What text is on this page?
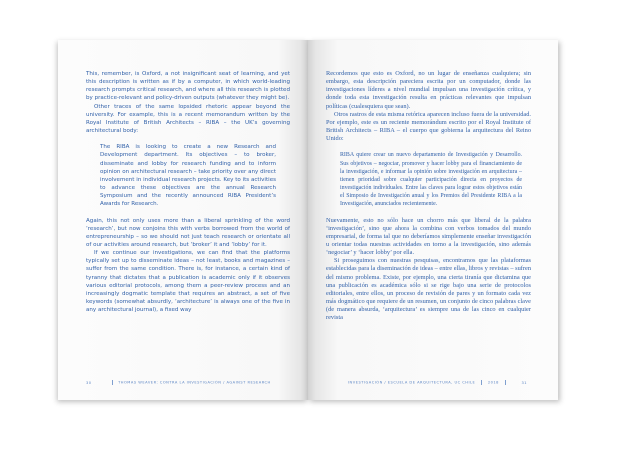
This, remember, is Oxford, a not insignificant seat of learning, and yet this description is written as if by a computer, in which world-leading research prompts critical research, and where all this research is plotted by practice-relevant and policy-driven outputs (whatever they might be).

Other traces of the same lopsided rhetoric appear beyond the university. For example, this is a recent memorandum written by the Royal Institute of British Architects – RIBA – the UK’s governing architectural body:

The RIBA is looking to create a new Research and Development department. Its objectives – to broker, disseminate and lobby for research funding and to inform opinion on architectural research – take priority over any direct involvement in individual research projects. Key to its activities to advance these objectives are the annual Research Symposium and the recently announced RIBA President’s Awards for Research.

Again, this not only uses more than a liberal sprinkling of the word ‘research’, but now conjoins this with verbs borrowed from the world of entrepreneurship – so we should not just teach research or orientate all of our activities around research, but ‘broker’ it and ‘lobby’ for it.

If we continue our investigations, we can find that the platforms typically set up to disseminate ideas – not least, books and magazines – suffer from the same condition. There is, for instance, a certain kind of tyranny that dictates that a publication is academic only if it observes various editorial protocols, among them a peer-review process and an increasingly dogmatic template that requires an abstract, a set of five keywords (somewhat absurdly, ‘architecture’ is always one of the five in any architectural journal), a fixed way

30	THOMAS WEAVER: CONTRA LA INVESTIGACIÓN / AGAINST RESEARCH

Recordemos que esto es Oxford, no un lugar de enseñanza cualquiera; sin embargo, esta descripción pareciera escrita por un computador, donde las investigaciones líderes a nivel mundial impulsan una investigación crítica, y donde toda esta investigación resulta en prácticas relevantes que impulsan políticas (cualesquiera que sean).

Otros rastros de esta misma retórica aparecen incluso fuera de la universidad. Por ejemplo, este es un reciente memorándum escrito por el Royal Institute of British Architects – RIBA – el cuerpo que gobierna la arquitectura del Reino Unido:

RIBA quiere crear un nuevo departamento de Investigación y Desarrollo. Sus objetivos – negociar, promover y hacer lobby para el financiamiento de la investigación, e informar la opinión sobre investigación en arquitectura – tienen prioridad sobre cualquier participación directa en proyectos de investigación individuales. Entre las claves para lograr estos objetivos están el Simposio de Investigación anual y los Premios del Presidente RIBA a la Investigación, anunciados recientemente.

Nuevamente, esto no sólo hace un chorro más que liberal de la palabra ‘investigación’, sino que ahora la combina con verbos tomados del mundo empresarial, de forma tal que no deberíamos simplemente enseñar investigación u orientar todas nuestras actividades en torno a la investigación, sino además ‘negociar’ y ‘hacer lobby’ por ella.

Si proseguimos con nuestras pesquisas, encontramos que las plataformas establecidas para la diseminación de ideas – entre ellas, libros y revistas – sufren del mismo problema. Existe, por ejemplo, una cierta tiranía que dictamina que una publicación es académica sólo si se rige bajo una serie de protocolos editoriales, entre ellos, un proceso de revisión de pares y un formato cada vez más dogmático que requiere de un resumen, un conjunto de cinco palabras clave (de manera absurda, ‘arquitectura’ es siempre una de las cinco en cualquier revista

INVESTIGACIÓN / ESCUELA DE ARQUITECTURA, UC CHILE	2018	31
